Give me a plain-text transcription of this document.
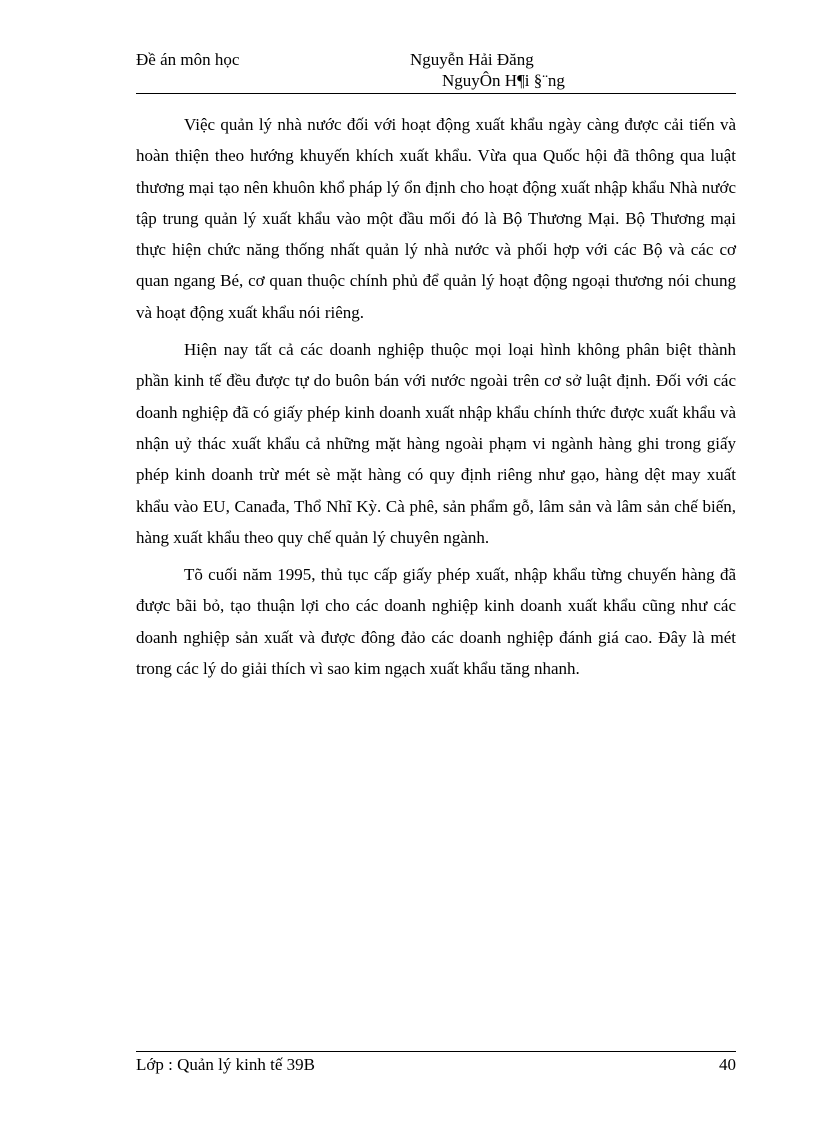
Đề án môn học	Nguyễn Hải Đăng
NguyÔn H¶i §¨ng

Việc quản lý nhà nước đối với hoạt động xuất khẩu ngày càng được cải tiến và hoàn thiện theo hướng khuyến khích xuất khẩu. Vừa qua Quốc hội đã thông qua luật thương mại tạo nên khuôn khổ pháp lý ổn định cho hoạt động xuất nhập khẩu Nhà nước tập trung quản lý xuất khẩu vào một đầu mối đó là Bộ Thương Mại. Bộ Thương mại thực hiện chức năng thống nhất quản lý nhà nước và phối hợp với các Bộ và các cơ quan ngang Bé, cơ quan thuộc chính phủ để quản lý hoạt động ngoại thương nói chung và hoạt động xuất khẩu nói riêng.

Hiện nay tất cả các doanh nghiệp thuộc mọi loại hình không phân biệt thành phần kinh tế đều được tự do buôn bán với nước ngoài trên cơ sở luật định. Đối với các doanh nghiệp đã có giấy phép kinh doanh xuất nhập khẩu chính thức được xuất khẩu và nhận uỷ thác xuất khẩu cả những mặt hàng ngoài phạm vi ngành hàng ghi trong giấy phép kinh doanh trừ mét sè mặt hàng có quy định riêng như gạo, hàng dệt may xuất khẩu vào EU, Canađa, Thổ Nhĩ Kỳ. Cà phê, sản phẩm gỗ, lâm sản và lâm sản chế biến, hàng xuất khẩu theo quy chế quản lý chuyên ngành.

Tõ cuối năm 1995, thủ tục cấp giấy phép xuất, nhập khẩu từng chuyến hàng đã được bãi bỏ, tạo thuận lợi cho các doanh nghiệp kinh doanh xuất khẩu cũng như các doanh nghiệp sản xuất và được đông đảo các doanh nghiệp đánh giá cao. Đây là mét trong các lý do giải thích vì sao kim ngạch xuất khẩu tăng nhanh.

Lớp : Quản lý kinh tế 39B	40
